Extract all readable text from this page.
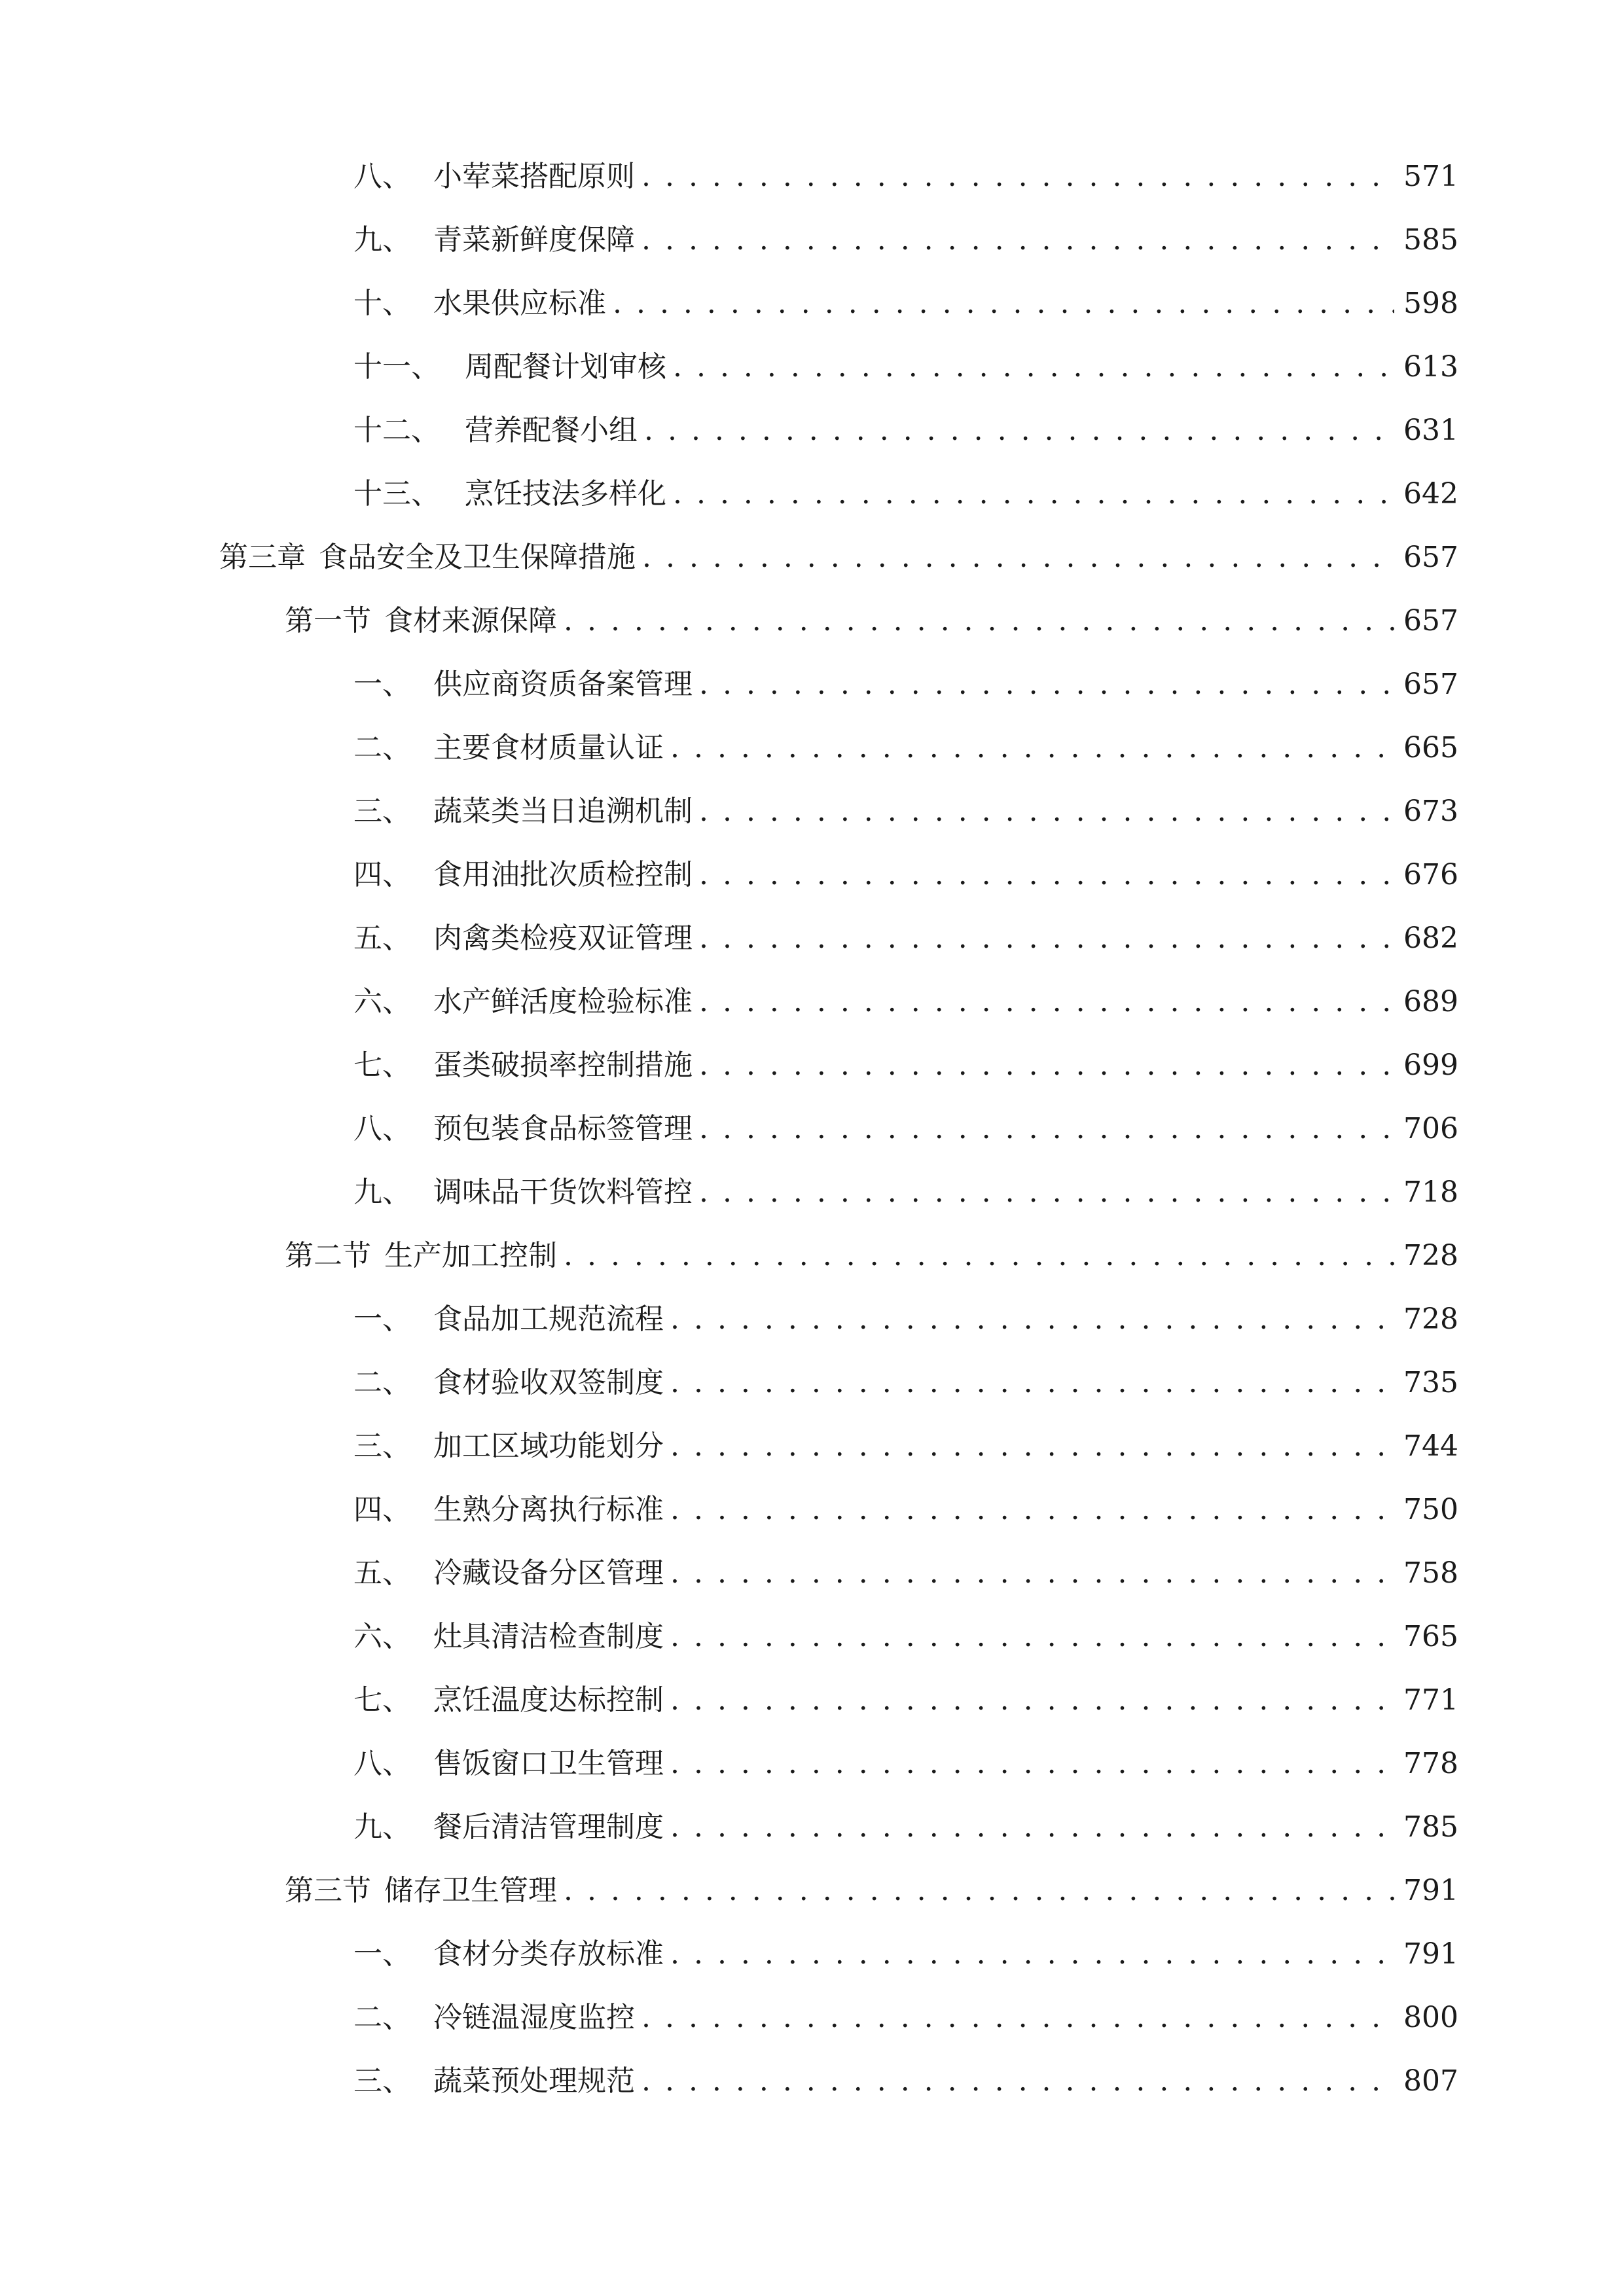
八、 小荤菜搭配原则 . . .	571
九、 青菜新鲜度保障 . . .	585
十、 水果供应标准 . . .	598
十一、 周配餐计划审核 . . .	613
十二、 营养配餐小组 . . .	631
十三、 烹饪技法多样化 . . .	642
第三章 食品安全及卫生保障措施 . . .	657
第一节 食材来源保障 . . .	657
一、 供应商资质备案管理 . . .	657
二、 主要食材质量认证 . . .	665
三、 蔬菜类当日追溯机制 . . .	673
四、 食用油批次质检控制 . . .	676
五、 肉禽类检疫双证管理 . . .	682
六、 水产鲜活度检验标准 . . .	689
七、 蛋类破损率控制措施 . . .	699
八、 预包装食品标签管理 . . .	706
九、 调味品干货饮料管控 . . .	718
第二节 生产加工控制 . . .	728
一、 食品加工规范流程 . . .	728
二、 食材验收双签制度 . . .	735
三、 加工区域功能划分 . . .	744
四、 生熟分离执行标准 . . .	750
五、 冷藏设备分区管理 . . .	758
六、 灶具清洁检查制度 . . .	765
七、 烹饪温度达标控制 . . .	771
八、 售饭窗口卫生管理 . . .	778
九、 餐后清洁管理制度 . . .	785
第三节 储存卫生管理 . . .	791
一、 食材分类存放标准 . . .	791
二、 冷链温湿度监控 . . .	800
三、 蔬菜预处理规范 . . .	807
